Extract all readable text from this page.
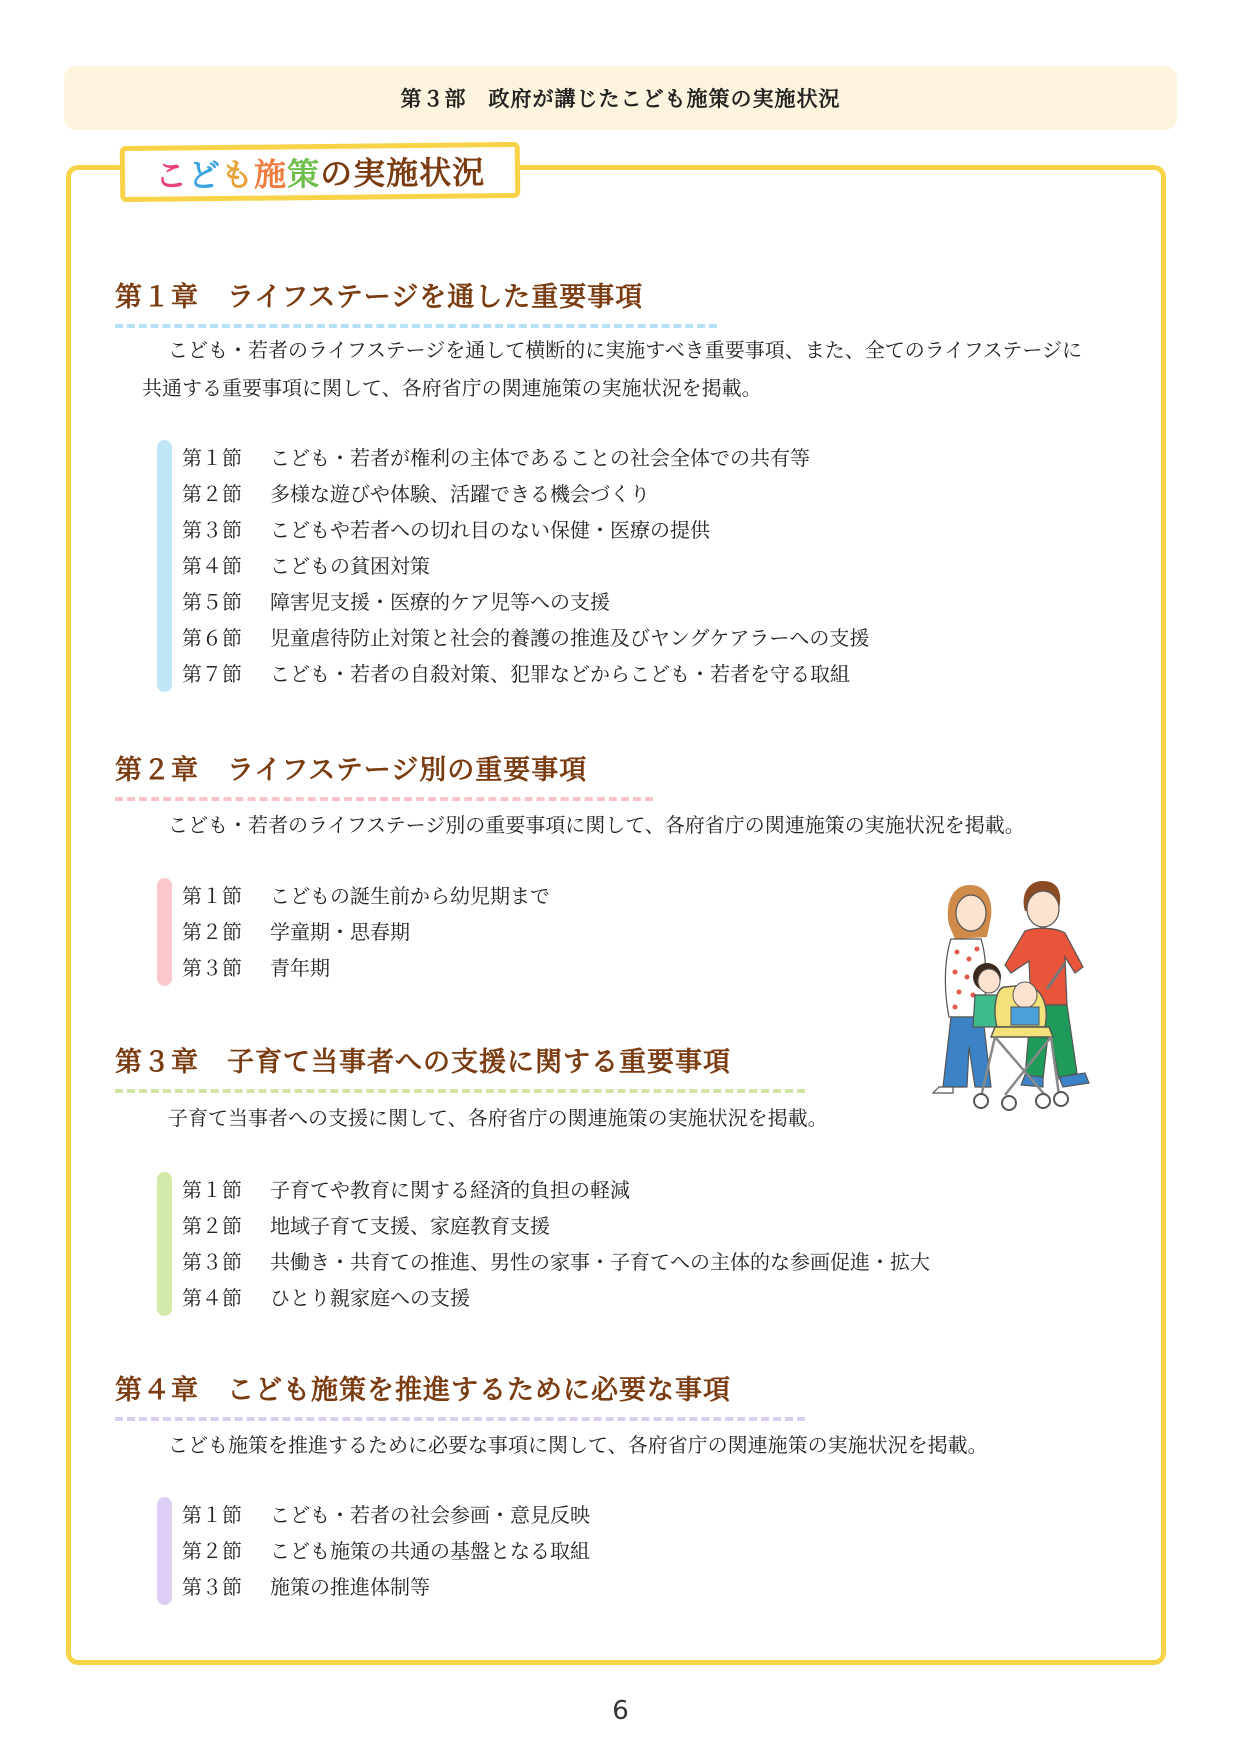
第３部　政府が講じたこども施策の実施状況
こども施策の実施状況
第１章　ライフステージを通した重要事項
こども・若者のライフステージを通して横断的に実施すべき重要事項、また、全てのライフステージに共通する重要事項に関して、各府省庁の関連施策の実施状況を掲載。
第１節 こども・若者が権利の主体であることの社会全体での共有等
第２節 多様な遊びや体験、活躍できる機会づくり
第３節 こどもや若者への切れ目のない保健・医療の提供
第４節 こどもの貧困対策
第５節 障害児支援・医療的ケア児等への支援
第６節 児童虐待防止対策と社会的養護の推進及びヤングケアラーへの支援
第７節 こども・若者の自殺対策、犯罪などからこども・若者を守る取組
第２章　ライフステージ別の重要事項
こども・若者のライフステージ別の重要事項に関して、各府省庁の関連施策の実施状況を掲載。
第１節 こどもの誕生前から幼児期まで
第２節 学童期・思春期
第３節 青年期
第３章　子育て当事者への支援に関する重要事項
子育て当事者への支援に関して、各府省庁の関連施策の実施状況を掲載。
第１節 子育てや教育に関する経済的負担の軽減
第２節 地域子育て支援、家庭教育支援
第３節 共働き・共育ての推進、男性の家事・子育てへの主体的な参画促進・拡大
第４節 ひとり親家庭への支援
第４章　こども施策を推進するために必要な事項
こども施策を推進するために必要な事項に関して、各府省庁の関連施策の実施状況を掲載。
第１節 こども・若者の社会参画・意見反映
第２節 こども施策の共通の基盤となる取組
第３節 施策の推進体制等
6
